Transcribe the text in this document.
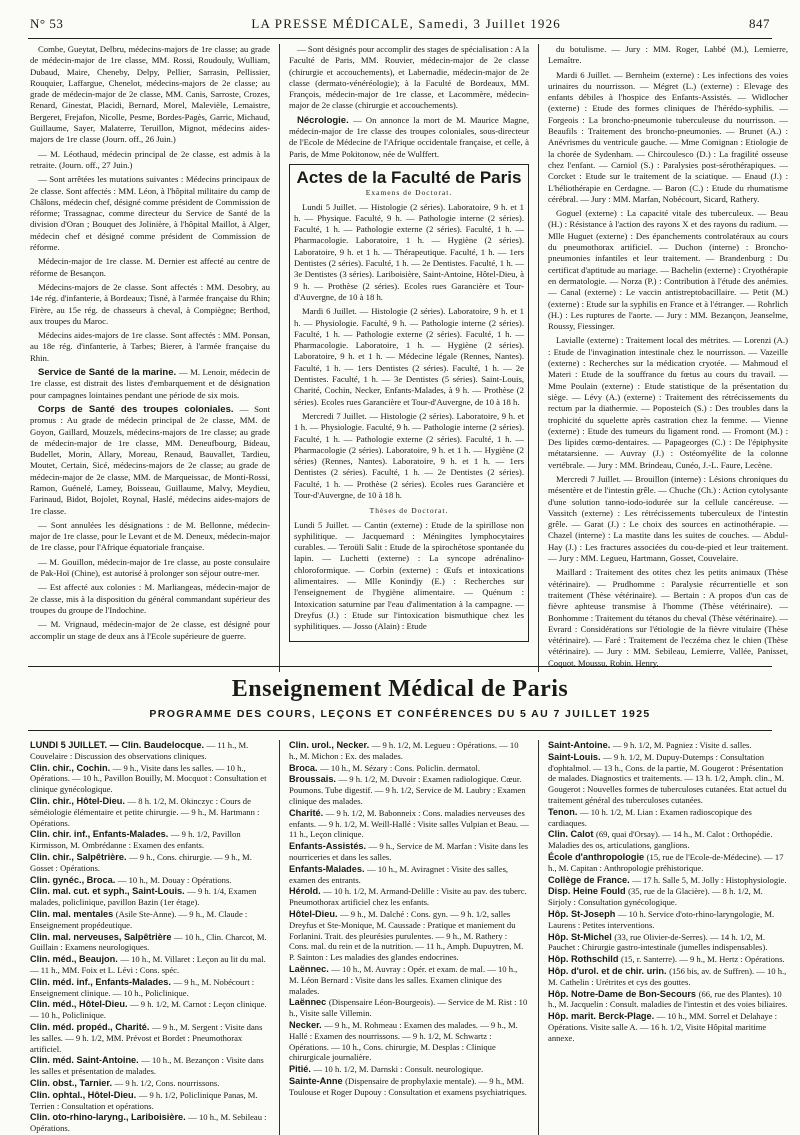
N° 53	LA PRESSE MÉDICALE, Samedi, 3 Juillet 1926	847

Combe, Gueytat, Delbru, médecins-majors de 1re classe; au grade de médecin-major de 1re classe, MM. Rossi, Roudouly, Wulliam, Dubaud, Maire, Cheneby, Delpy, Pellier, Sarrasin, Pellissier, Rouquier, Laffargue, Chenelot, médecins-majors de 2e classe; au grade de médecin-major de 2e classe, MM. Canis, Sarroste, Crozes, Renard, Ginestat, Placidi, Bernard, Morel, Malevièle, Lemaistre, Bergeret, Frejafon, Nicolle, Pesme, Bordes-Pagès, Garric, Michaud, Guillaume, Sayer, Malaterre, Teruillon, Mignot, médecins aides-majors de 1re classe (Journ. off., 26 Juin.)

— M. Léothaud, médecin principal de 2e classe, est admis à la retraite. (Journ. off., 27 Juin.)

— Sont arrêtées les mutations suivantes : Médecins principaux de 2e classe. Sont affectés : MM. Léon, à l'hôpital militaire du camp de Châlons, médecin chef, désigné comme président de Commission de réforme; Trassagnac, comme directeur du Service de Santé de la division d'Oran ; Bouquet des Jolinière, à l'hôpital Maillot, à Alger, médecin chef et désigné comme président de Commission de réforme.

Médecin-major de 1re classe. M. Dernier est affecté au centre de réforme de Besançon.

Médecins-majors de 2e classe. Sont affectés : MM. Desobry, au 14e rég. d'infanterie, à Bordeaux; Tisné, à l'armée française du Rhin; Firère, au 15e rég. de chasseurs à cheval, à Compiègne; Berthod, aux troupes du Maroc.

Médecins aides-majors de 1re classe. Sont affectés : MM. Ponsan, au 18e rég. d'infanterie, à Tarbes; Bierer, à l'armée française du Rhin.

Service de Santé de la marine. — M. Lenoir, médecin de 1re classe, est distrait des listes d'embarquement et de désignation pour campagnes lointaines pendant une période de six mois.

Corps de Santé des troupes coloniales. — Sont promus : Au grade de médecin principal de 2e classe, MM. de Goyon, Gaillard, Mouzels, médecins-majors de 1re classe; au grade de médecin-major de 1re classe, MM. Deneufbourg, Bideau, Budellet, Morin, Allary, Moreau, Renaud, Bauvallet, Tardieu, Moutet, Certain, Sicé, médecins-majors de 2e classe; au grade de médecin-major de 2e classe, MM. de Marqueissac, de Monti-Rossi, Ramon, Guénelé, Lamey, Boisseau, Guillaume, Malvy, Meydieu, Farinaud, Bidot, Bojolet, Roynal, Haslé, médecins aides-majors de 1re classe.

— Sont annulées les désignations : de M. Bellonne, médecin-major de 1re classe, pour le Levant et de M. Deneux, médecin-major de 1re classe, pour l'Afrique équatoriale française.

— M. Gouillon, médecin-major de 1re classe, au poste consulaire de Pak-Hoï (Chine), est autorisé à prolonger son séjour outre-mer.

— Est affecté aux colonies : M. Marliangeas, médecin-major de 2e classe, mis à la disposition du général commandant supérieur des troupes du groupe de l'Indochine.

— M. Vrignaud, médecin-major de 2e classe, est désigné pour accomplir un stage de deux ans à l'Ecole supérieure de guerre.

— Sont désignés pour accomplir des stages de spécialisation : A la Faculté de Paris, MM. Rouvier, médecin-major de 2e classe (chirurgie et accouchements), et Labernadie, médecin-major de 2e classe (dermato-vénéréologie); à la Faculté de Bordeaux, MM. François, médecin-major de 1re classe, et Lacommère, médecin-major de 2e classe (chirurgie et accouchements).

Nécrologie. — On annonce la mort de M. Maurice Magne, médecin-major de 1re classe des troupes coloniales, sous-directeur de l'Ecole de Médecine de l'Afrique occidentale française, et celle, à Paris, de Mme Pokitonow, née de Wulffert.

Actes de la Faculté de Paris
Examens de Doctorat.

Lundi 5 Juillet. — Histologie (2 séries). Laboratoire, 9 h. et 1 h. — Physique. Faculté, 9 h. — Pathologie interne (2 séries). Faculté, 1 h. — Pathologie externe (2 séries). Faculté, 1 h. — Pharmacologie. Laboratoire, 1 h. — Hygiène (2 séries). Laboratoire, 9 h. et 1 h. — Thérapeutique. Faculté, 1 h. — 1ers Dentistes (2 séries). Faculté, 1 h. — 2e Dentistes. Faculté, 1 h. — 3e Dentistes (3 séries). Lariboisière, Saint-Antoine, Hôtel-Dieu, à 9 h. — Prothèse (2 séries). Ecoles rues Garancière et Tour-d'Auvergne, de 10 à 18 h.

Mardi 6 Juillet. — Histologie (2 séries). Laboratoire, 9 h. et 1 h. — Physiologie. Faculté, 9 h. — Pathologie interne (2 séries). Faculté, 1 h. — Pathologie externe (2 séries). Faculté, 1 h. — Pharmacologie. Laboratoire, 1 h. — Hygiène (2 séries). Laboratoire, 9 h. et 1 h. — Médecine légale (Rennes, Nantes). Faculté, 1 h. — 1ers Dentistes (2 séries). Faculté, 1 h. — 2e Dentistes. Faculté, 1 h. — 3e Dentistes (5 séries). Saint-Louis, Charité, Cochin, Necker, Enfants-Malades, à 9 h. — Prothèse (2 séries). Ecoles rues Garancière et Tour-d'Auvergne, de 10 à 18 h.

Mercredi 7 Juillet. — Histologie (2 séries). Laboratoire, 9 h. et 1 h. — Physiologie. Faculté, 9 h. — Pathologie interne (2 séries). Faculté, 1 h. — Pathologie externe (2 séries). Faculté, 1 h. — Pharmacologie (2 séries). Laboratoire, 9 h. et 1 h. — Hygiène (2 séries) (Rennes, Nantes). Laboratoire, 9 h. et 1 h. — 1ers Dentistes (2 séries). Faculté, 1 h. — 2e Dentistes (2 séries). Faculté, 1 h. — Prothèse (2 séries). Ecoles rues Garancière et Tour-d'Auvergne, de 10 à 18 h.

Thèses de Doctorat.

Lundi 5 Juillet. — Cantin (externe) : Etude de la spirillose non syphilitique. — Jacquemard : Méningites lymphocytaires curables. — Teroüli Salit : Etude de la spirochétose spontanée du lapin. — Luchetti (externe) : La syncope adrénalino-chloroformique. — Corbin (externe) : Œufs et intoxications alimentaires. — Mlle Konindjy (E.) : Recherches sur l'enseignement de l'hygiène alimentaire. — Quénum : Intoxication saturnine par l'eau d'alimentation à la campagne. — Dreyfus (J.) : Etude sur l'intoxication bismuthique chez les syphilitiques. — Josso (Alain) : Etude

du botulisme. — Jury : MM. Roger, Labbé (M.), Lemierre, Lemaître.

Mardi 6 Juillet. — Bernheim (externe) : Les infections des voies urinaires du nourrisson. — Mégret (L.) (externe) : Elevage des enfants débiles à l'hospice des Enfants-Assistés. — Widlocher (externe) : Etude des formes cliniques de l'hérédo-syphilis. — Forgeois : La broncho-pneumonie tuberculeuse du nourrisson. — Beaufils : Traitement des broncho-pneumonies. — Brunet (A.) : Anévrismes du ventricule gauche. — Mme Comignan : Etiologie de la chorée de Sydenham. — Chircoulesco (D.) : La fragilité osseuse chez l'enfant. — Carniol (S.) : Paralysies post-sérothérapiques. — Corcket : Etude sur le traitement de la sciatique. — Enaud (J.) : L'héliothérapie en Cerdagne. — Baron (C.) : Etude du rhumatisme cérébral. — Jury : MM. Marfan, Nobécourt, Sicard, Rathery.

Goguel (externe) : La capacité vitale des tuberculeux. — Beau (H.) : Résistance à l'action des rayons X et des rayons du radium. — Mlle Huguet (externe) : Des épanchements controlatéraux au cours du pneumothorax artificiel. — Duchon (interne) : Broncho-pneumonies infantiles et leur traitement. — Brandenburg : Du certificat d'aptitude au mariage. — Bachelin (externe) : Cryothérapie en dermatologie. — Norza (P.) : Contribution à l'étude des anémies. — Canal (externe) : Le vaccin antistreptobacillaire. — Petit (M.) (externe) : Etude sur la syphilis en France et à l'étranger. — Rohrlich (H.) : Les ruptures de l'aorte. — Jury : MM. Bezançon, Jeanselme, Roussy, Fiessinger.

Lavialle (externe) : Traitement local des métrites. — Lorenzi (A.) : Etude de l'invagination intestinale chez le nourrisson. — Vazeille (externe) : Recherches sur la médication cryotée. — Mahmoud el Materi : Etude de la souffrance du fœtus au cours du travail. — Mme Poulain (externe) : Etude statistique de la présentation du siège. — Lévy (A.) (externe) : Traitement des rétrécissements du rectum par la diathermie. — Poposteich (S.) : Des troubles dans la trophicité du squelette après castration chez la femme. — Vienne (externe) : Etude des tumeurs du ligament rond. — Fromont (M.) : Des lipides cœmo-dentaires. — Papageorges (C.) : De l'épiphysite métatarsienne. — Auvray (J.) : Ostéomyélite de la colonne vertébrale. — Jury : MM. Brindeau, Cunéo, J.-L. Faure, Lecène.

Mercredi 7 Juillet. — Brouillon (interne) : Lésions chroniques du mésentère et de l'intestin grêle. — Chuche (Ch.) : Action cytolysante d'une solution tanno-iodo-iodurée sur la cellule cancéreuse. — Vassitch (externe) : Les rétrécissements tuberculeux de l'intestin grêle. — Garat (J.) : Le choix des sources en actinothérapie. — Chazel (interne) : La mastite dans les suites de couches. — Abdul-Hay (J.) : Les fractures associées du cou-de-pied et leur traitement. — Jury : MM. Legueu, Hartmann, Gosset, Couvelaire.

Maillard : Traitement des otites chez les petits animaux (Thèse vétérinaire). — Prudhomme : Paralysie récurrentielle et son traitement (Thèse vétérinaire). — Bertain : A propos d'un cas de fièvre aphteuse transmise à l'homme (Thèse vétérinaire). — Bonhomme : Traitement du tétanos du cheval (Thèse vétérinaire). — Evrard : Considérations sur l'étiologie de la fièvre vitulaire (Thèse vétérinaire). — Faré : Traitement de l'eczéma chez le chien (Thèse vétérinaire). — Jury : MM. Sebileau, Lemierre, Vallée, Panisset, Coquot, Moussu, Robin, Henry.

Enseignement Médical de Paris
PROGRAMME DES COURS, LEÇONS ET CONFÉRENCES DU 5 AU 7 JUILLET 1925
LUNDI 5 JUILLET. — Clin. Baudelocque. — 11 h., M. Couvelaire : Discussion des observations cliniques.
Clin. chir., Cochin. — 9 h., Visite dans les salles. — 10 h., Opérations. — 10 h., Pavillon Bouilly, M. Mocquot : Consultation et clinique gynécologique.
Clin. chir., Hôtel-Dieu. — 8 h. 1/2, M. Okinczyc : Cours de séméiologie élémentaire et petite chirurgie. — 9 h., M. Hartmann : Opérations.
Clin. chir. inf., Enfants-Malades. — 9 h. 1/2, Pavillon Kirmisson, M. Ombrédanne : Examen des enfants.
Clin. chir., Salpêtrière. — 9 h., Cons. chirurgie. — 9 h., M. Gosset : Opérations.
Clin. gynéc., Broca. — 10 h., M. Douay : Opérations.
Clin. mal. cut. et syph., Saint-Louis. — 9 h. 1/4, Examen malades, policlinique, pavillon Bazin (1er étage).
Clin. mal. mentales (Asile Ste-Anne). — 9 h., M. Claude : Enseignement propédeutique.
Clin. mal. nerveuses, Salpêtrière — 10 h., Clin. Charcot, M. Guillain : Examens neurologiques.
Clin. méd., Beaujon. — 10 h., M. Villaret : Leçon au lit du mal. — 11 h., MM. Foix et L. Lévi : Cons. spéc.
Clin. méd. inf., Enfants-Malades. — 9 h., M. Nobécourt : Enseignement clinique. — 10 h., Policlinique.
Clin. méd., Hôtel-Dieu. — 9 h. 1/2, M. Carnot : Leçon clinique. — 10 h., Policlinique.
Clin. méd. propéd., Charité. — 9 h., M. Sergent : Visite dans les salles. — 9 h. 1/2, MM. Prévost et Bordet : Pneumothorax artificiel.
Clin. méd. Saint-Antoine. — 10 h., M. Bezançon : Visite dans les salles et présentation de malades.
Clin. obst., Tarnier. — 9 h. 1/2, Cons. nourrissons.
Clin. ophtal., Hôtel-Dieu. — 9 h. 1/2, Policlinique Panas, M. Terrien : Consultation et opérations.
Clin. oto-rhino-laryng., Lariboisière. — 10 h., M. Sebileau : Opérations.
Clin. urol., Necker. — 9 h. 1/2, M. Legueu : Opérations. — 10 h., M. Michon : Ex. des malades.
Broca. — 10 h., M. Sézary : Cons. Policlin. dermatol.
Broussais. — 9 h. 1/2, M. Duvoir : Examen radiologique. Cœur. Poumons. Tube digestif. — 9 h. 1/2, Service de M. Laubry : Examen clinique des malades.
Charité. — 9 h. 1/2, M. Babonneix : Cons. maladies nerveuses des enfants. — 9 h. 1/2, M. Weill-Hallé : Visite salles Vulpian et Beau. — 11 h., Leçon clinique.
Enfants-Assistés. — 9 h., Service de M. Marfan : Visite dans les nourriceries et dans les salles.
Enfants-Malades. — 10 h., M. Aviragnet : Visite des salles, examen des entrants.
Hérold. — 10 h. 1/2, M. Armand-Delille : Visite au pav. des tuberc. Pneumothorax artificiel chez les enfants.
Hôtel-Dieu. — 9 h., M. Dalché : Cons. gyn. — 9 h. 1/2, salles Dreyfus et Ste-Monique, M. Caussade : Pratique et maniement du Forlanini. Trait. des pleurésies purulentes. — 9 h., M. Rathery : Cons. mal. du rein et de la nutrition. — 11 h., Amph. Dupuytren, M. P. Sainton : Les maladies des glandes endocrines.
Laënnec. — 10 h., M. Auvray : Opér. et exam. de mal. — 10 h., M. Léon Bernard : Visite dans les salles. Examen clinique des malades.
Laënnec (Dispensaire Léon-Bourgeois). — Service de M. Rist : 10 h., Visite salle Villemin.
Necker. — 9 h., M. Rohmeau : Examen des malades. — 9 h., M. Hallé : Examen des nourrissons. — 9 h. 1/2, M. Schwartz : Opérations. — 10 h., Cons. chirurgie, M. Desplas : Clinique chirurgicale journalière.
Pitié. — 10 h. 1/2, M. Darnski : Consult. neurologique.
Sainte-Anne (Dispensaire de prophylaxie mentale). — 9 h., MM. Toulouse et Roger Dupouy : Consultation et examens psychiatriques.
Saint-Antoine. — 9 h. 1/2, M. Pagniez : Visite d. salles.
Saint-Louis. — 9 h. 1/2, M. Dupuy-Dutemps : Consultation d'ophtalmol. — 13 h., Cons. de la partie, M. Gougerot : Présentation de malades. Diagnostics et traitements. — 13 h. 1/2, Amph. clin., M. Gougerot : Nouvelles formes de tuberculoses cutanées. Etat actuel du traitement général des tuberculoses cutanées.
Tenon. — 10 h. 1/2, M. Lian : Examen radioscopique des cardiaques.
Clin. Calot (69, quai d'Orsay). — 14 h., M. Calot : Orthopédie. Maladies des os, articulations, ganglions.
École d'anthropologie (15, rue de l'Ecole-de-Médecine). — 17 h., M. Capitan : Anthropologie préhistorique.
Collège de France. — 17 h. Salle 5, M. Jolly : Histophysiologie.
Disp. Heine Fould (35, rue de la Glacière). — 8 h. 1/2, M. Sirjoly : Consultation gynécologique.
Hôp. St-Joseph — 10 h. Service d'oto-rhino-laryngologie, M. Laurens : Petites interventions.
Hôp. St-Michel (33, rue Olivier-de-Serres). — 14 h. 1/2, M. Pauchet : Chirurgie gastro-intestinale (jumelles indispensables).
Hôp. Rothschild (15, r. Santerre). — 9 h., M. Hertz : Opérations.
Hôp. d'urol. et de chir. urin. (156 bis, av. de Suffren). — 10 h., M. Cathelin : Urétrites et cys des gouttes.
Hôp. Notre-Dame de Bon-Secours (66, rue des Plantes). 10 h., M. Jacquelin : Consult. maladies de l'intestin et des voies biliaires.
Hôp. marit. Berck-Plage. — 10 h., MM. Sorrel et Delahaye : Opérations. Visite salle A. — 16 h. 1/2, Visite Hôpital maritime annexe.
